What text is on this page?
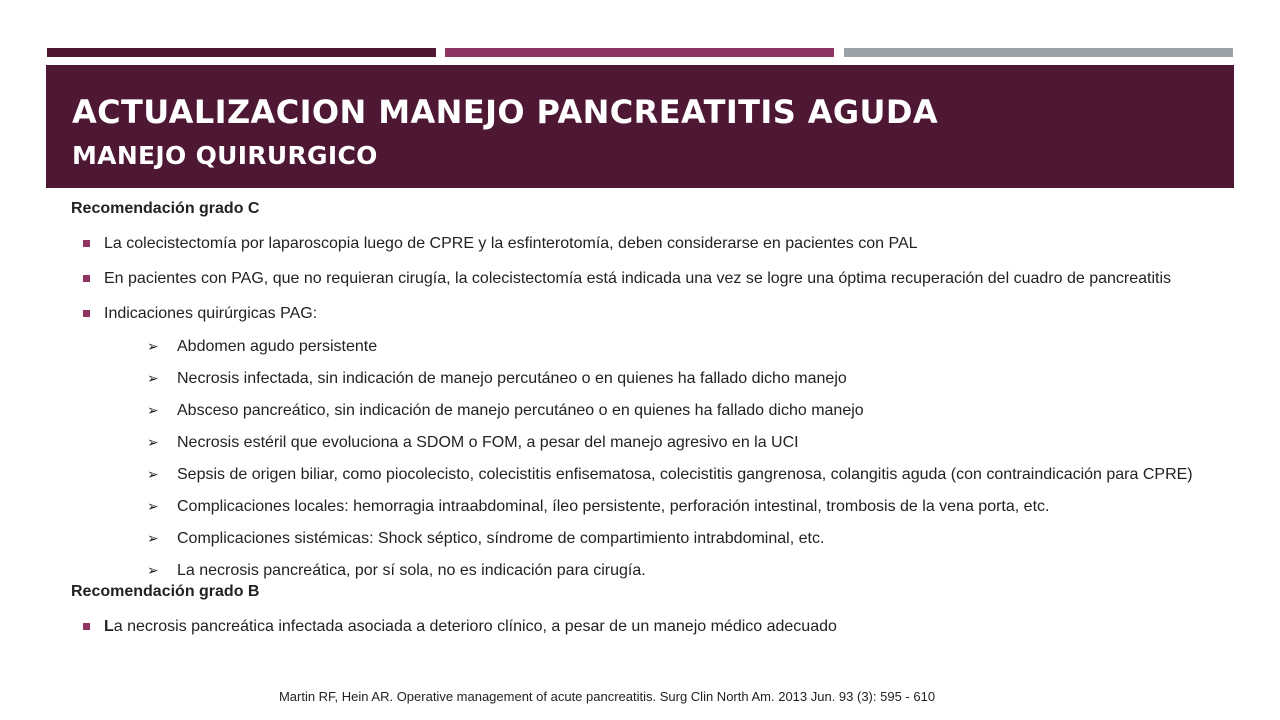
ACTUALIZACION MANEJO PANCREATITIS AGUDA
MANEJO QUIRURGICO
Recomendación grado C
La colecistectomía por laparoscopia luego de CPRE y la esfinterotomía, deben considerarse en pacientes con PAL
En pacientes con PAG, que no requieran cirugía, la colecistectomía está indicada una vez se logre una óptima recuperación del cuadro de pancreatitis
Indicaciones quirúrgicas PAG:
➢ Abdomen agudo persistente
➢ Necrosis infectada, sin indicación de manejo percutáneo o en quienes ha fallado dicho manejo
➢ Absceso pancreático, sin indicación de manejo percutáneo o en quienes ha fallado dicho manejo
➢ Necrosis estéril que evoluciona a SDOM o FOM, a pesar del manejo agresivo en la UCI
➢ Sepsis de origen biliar, como piocolecisto, colecistitis enfisematosa, colecistitis gangrenosa, colangitis aguda (con contraindicación para CPRE)
➢ Complicaciones locales: hemorragia intraabdominal, íleo persistente, perforación intestinal, trombosis de la vena porta, etc.
➢ Complicaciones sistémicas: Shock séptico, síndrome de compartimiento intrabdominal, etc.
➢ La necrosis pancreática, por sí sola, no es indicación para cirugía.
Recomendación grado B
La necrosis pancreática infectada asociada a deterioro clínico, a pesar de un manejo médico adecuado
Martin RF, Hein AR. Operative management of acute pancreatitis. Surg Clin North Am. 2013 Jun. 93 (3): 595 - 610
